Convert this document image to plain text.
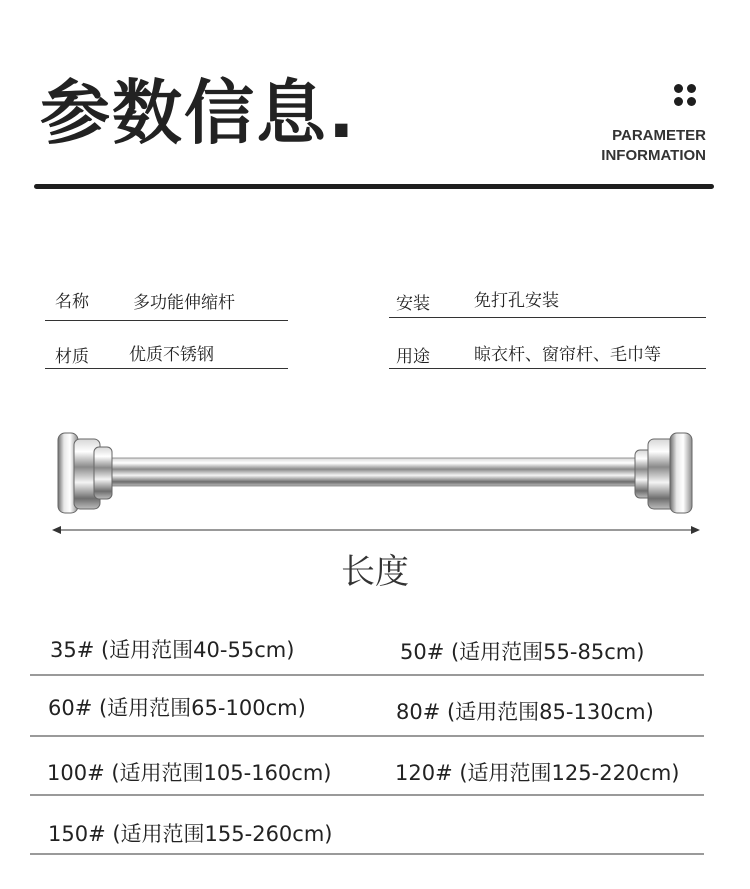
参数信息.	PARAMETER
INFORMATION
名称	多功能伸缩杆	安装	免打孔安装
材质 优质不锈钢	用途	晾衣杆、窗帘杆、毛巾等
长度
35# (适用范围40-55cm)	50# (适用范围55-85cm)
60# (适用范围65-100cm)	80# (适用范围85-130cm)
100# (适用范围105-160cm)	120# (适用范围125-220cm)
150# (适用范围155-260cm)
